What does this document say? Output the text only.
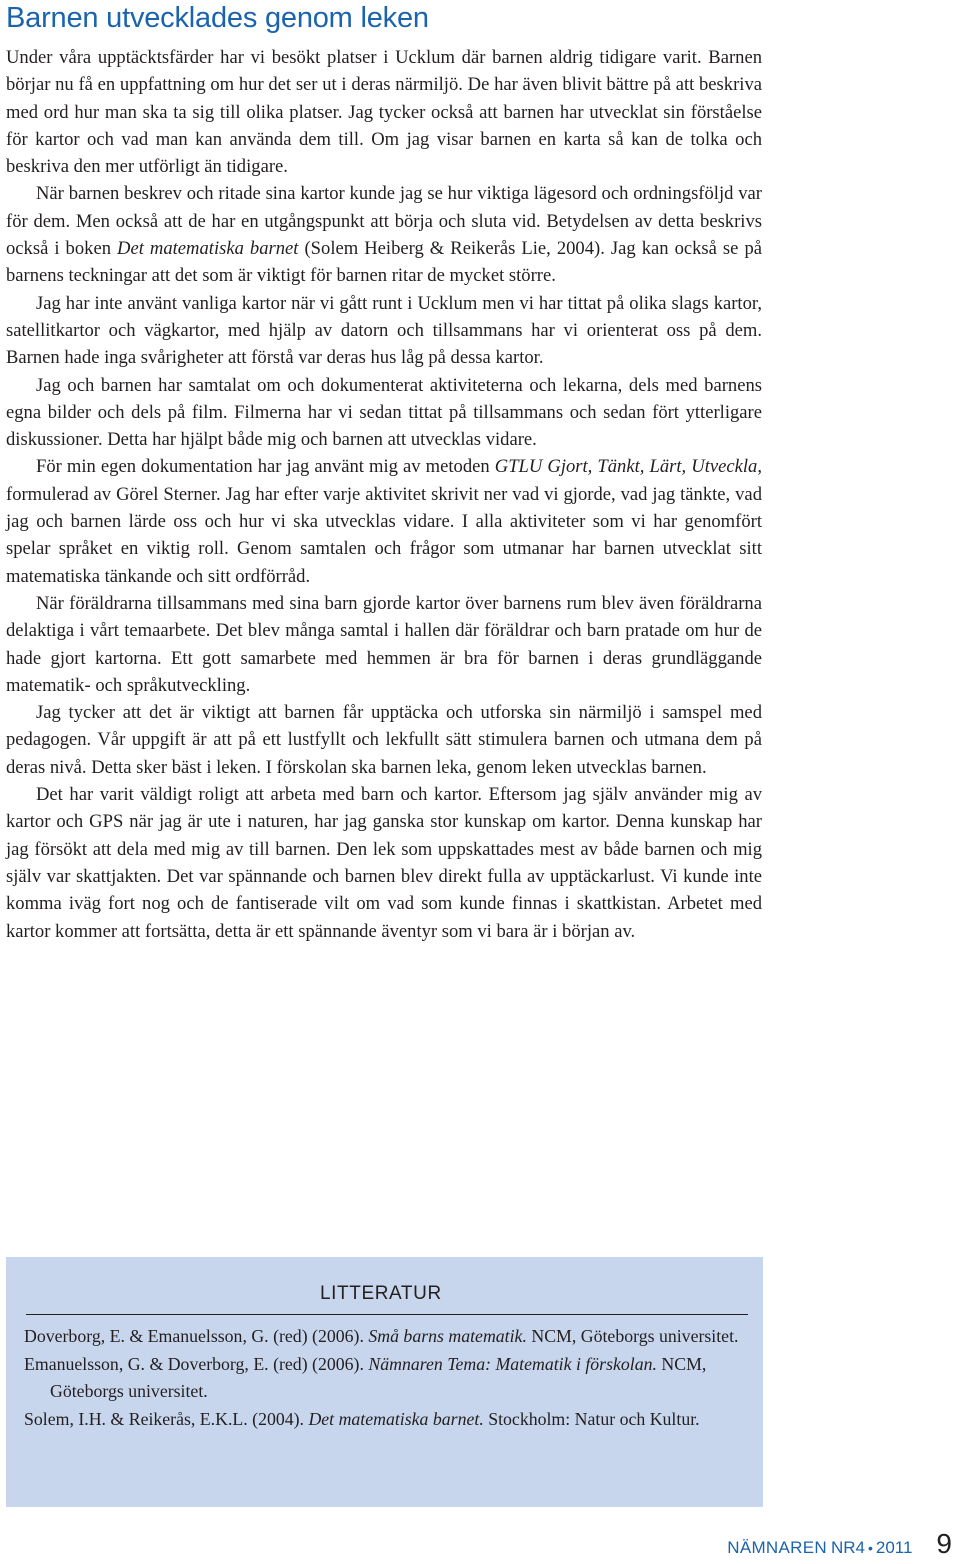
Barnen utvecklades genom leken

Under våra upptäcktsfärder har vi besökt platser i Ucklum där barnen aldrig tidigare varit. Barnen börjar nu få en uppfattning om hur det ser ut i deras närmiljö. De har även blivit bättre på att beskriva med ord hur man ska ta sig till olika platser. Jag tycker också att barnen har utvecklat sin förståelse för kartor och vad man kan använda dem till. Om jag visar barnen en karta så kan de tolka och beskriva den mer utförligt än tidigare.

När barnen beskrev och ritade sina kartor kunde jag se hur viktiga lägesord och ordningsföljd var för dem. Men också att de har en utgångspunkt att börja och sluta vid. Betydelsen av detta beskrivs också i boken Det matematiska barnet (Solem Heiberg & Reikerås Lie, 2004). Jag kan också se på barnens teckningar att det som är viktigt för barnen ritar de mycket större.

Jag har inte använt vanliga kartor när vi gått runt i Ucklum men vi har tittat på olika slags kartor, satellitkartor och vägkartor, med hjälp av datorn och tillsammans har vi orienterat oss på dem. Barnen hade inga svårigheter att förstå var deras hus låg på dessa kartor.

Jag och barnen har samtalat om och dokumenterat aktiviteterna och lekarna, dels med barnens egna bilder och dels på film. Filmerna har vi sedan tittat på tillsammans och sedan fört ytterligare diskussioner. Detta har hjälpt både mig och barnen att utvecklas vidare.

För min egen dokumentation har jag använt mig av metoden GTLU Gjort, Tänkt, Lärt, Utveckla, formulerad av Görel Sterner. Jag har efter varje aktivitet skrivit ner vad vi gjorde, vad jag tänkte, vad jag och barnen lärde oss och hur vi ska utvecklas vidare. I alla aktiviteter som vi har genomfört spelar språket en viktig roll. Genom samtalen och frågor som utmanar har barnen utvecklat sitt matematiska tänkande och sitt ordförråd.

När föräldrarna tillsammans med sina barn gjorde kartor över barnens rum blev även föräldrarna delaktiga i vårt temaarbete. Det blev många samtal i hallen där föräldrar och barn pratade om hur de hade gjort kartorna. Ett gott samarbete med hemmen är bra för barnen i deras grundläggande matematik- och språkutveckling.

Jag tycker att det är viktigt att barnen får upptäcka och utforska sin närmiljö i samspel med pedagogen. Vår uppgift är att på ett lustfyllt och lekfullt sätt stimulera barnen och utmana dem på deras nivå. Detta sker bäst i leken. I förskolan ska barnen leka, genom leken utvecklas barnen.

Det har varit väldigt roligt att arbeta med barn och kartor. Eftersom jag själv använder mig av kartor och GPS när jag är ute i naturen, har jag ganska stor kunskap om kartor. Denna kunskap har jag försökt att dela med mig av till barnen. Den lek som uppskattades mest av både barnen och mig själv var skattjakten. Det var spännande och barnen blev direkt fulla av upptäckarlust. Vi kunde inte komma iväg fort nog och de fantiserade vilt om vad som kunde finnas i skattkistan. Arbetet med kartor kommer att fortsätta, detta är ett spännande äventyr som vi bara är i början av.

LITTERATUR
Doverborg, E. & Emanuelsson, G. (red) (2006). Små barns matematik. NCM, Göteborgs universitet.
Emanuelsson, G. & Doverborg, E. (red) (2006). Nämnaren Tema: Matematik i förskolan. NCM, Göteborgs universitet.
Solem, I.H. & Reikerås, E.K.L. (2004). Det matematiska barnet. Stockholm: Natur och Kultur.
NÄMNAREN NR4 • 2011 9
